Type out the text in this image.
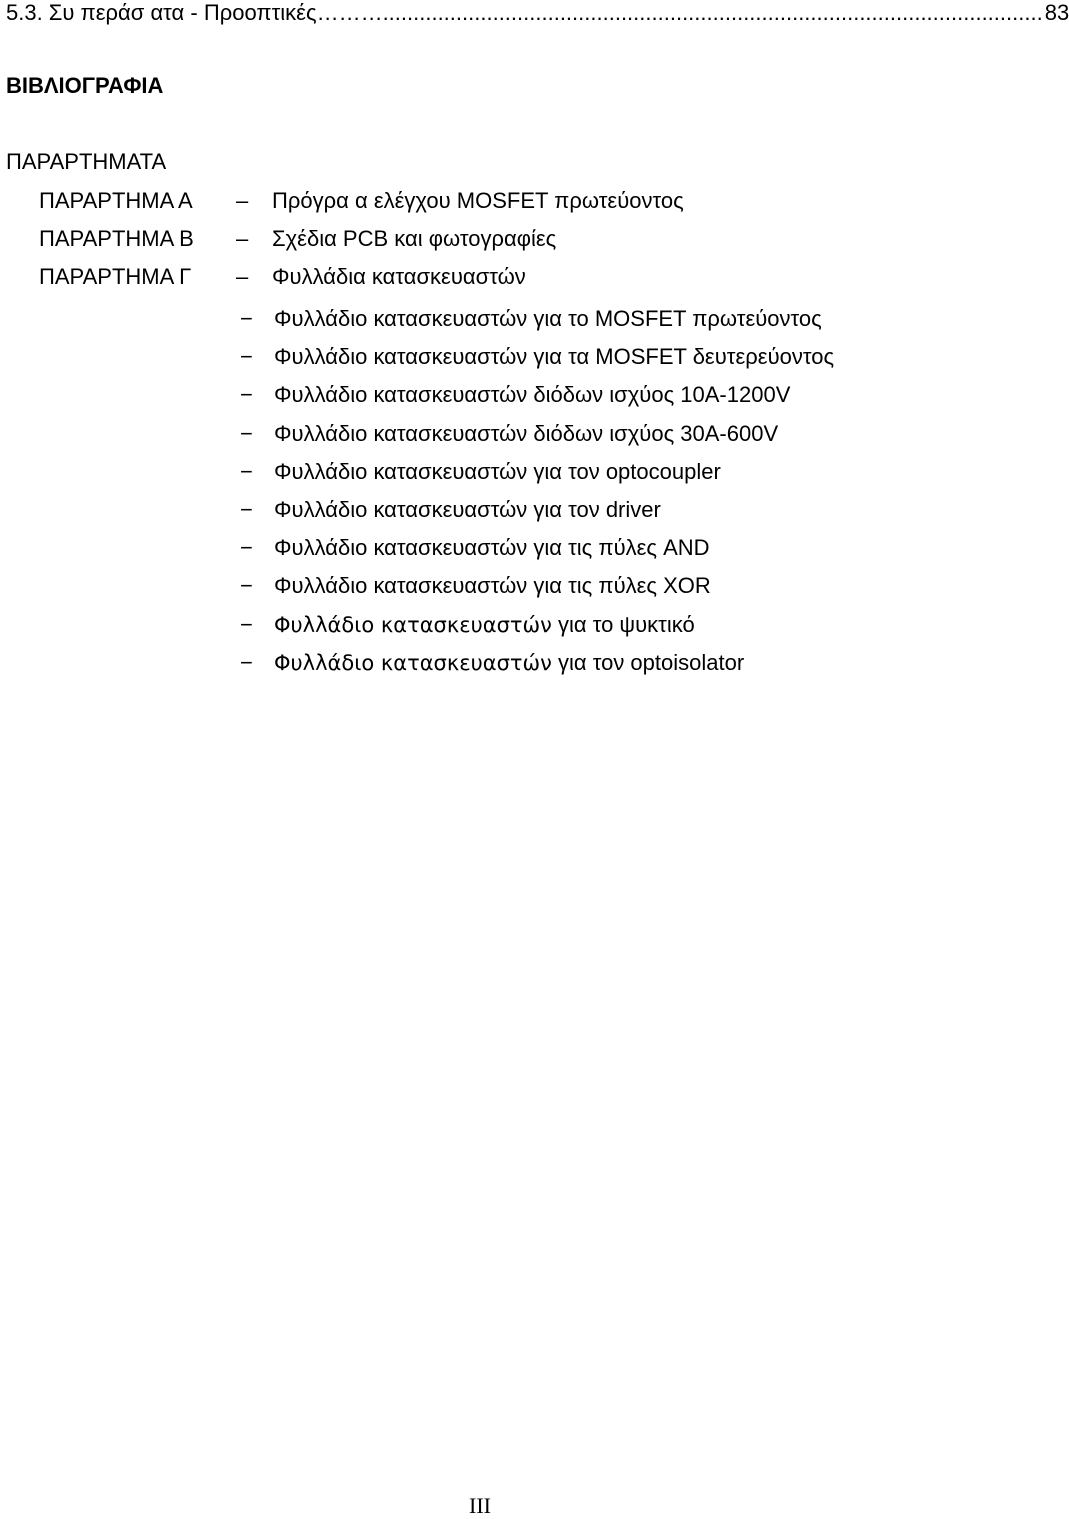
5.3. Συ περάσ ατα - Προοπτικές ……… ............................................................................................................ 83
ΒΙΒΛΙΟΓΡΑΦΙΑ
ΠΑΡΑΡΤΗΜΑΤΑ
ΠΑΡΑΡΤΗΜΑ Α – Πρόγρα α ελέγχου MOSFET πρωτεύοντος
ΠΑΡΑΡΤΗΜΑ Β – Σχέδια PCB και φωτογραφίες
ΠΑΡΑΡΤΗΜΑ Γ – Φυλλάδια κατασκευαστών
− Φυλλάδιο κατασκευαστών για το MOSFET πρωτεύοντος
− Φυλλάδιο κατασκευαστών για τα MOSFET δευτερεύοντος
− Φυλλάδιο κατασκευαστών διόδων ισχύος 10Α-1200V
− Φυλλάδιο κατασκευαστών διόδων ισχύος 30Α-600V
− Φυλλάδιο κατασκευαστών για τον optocoupler
− Φυλλάδιο κατασκευαστών για τον driver
− Φυλλάδιο κατασκευαστών για τις πύλες AND
− Φυλλάδιο κατασκευαστών για τις πύλες XOR
− Φυλλάδιο κατασκευαστών για το ψυκτικό
− Φυλλάδιο κατασκευαστών για τον optoisolator
III
